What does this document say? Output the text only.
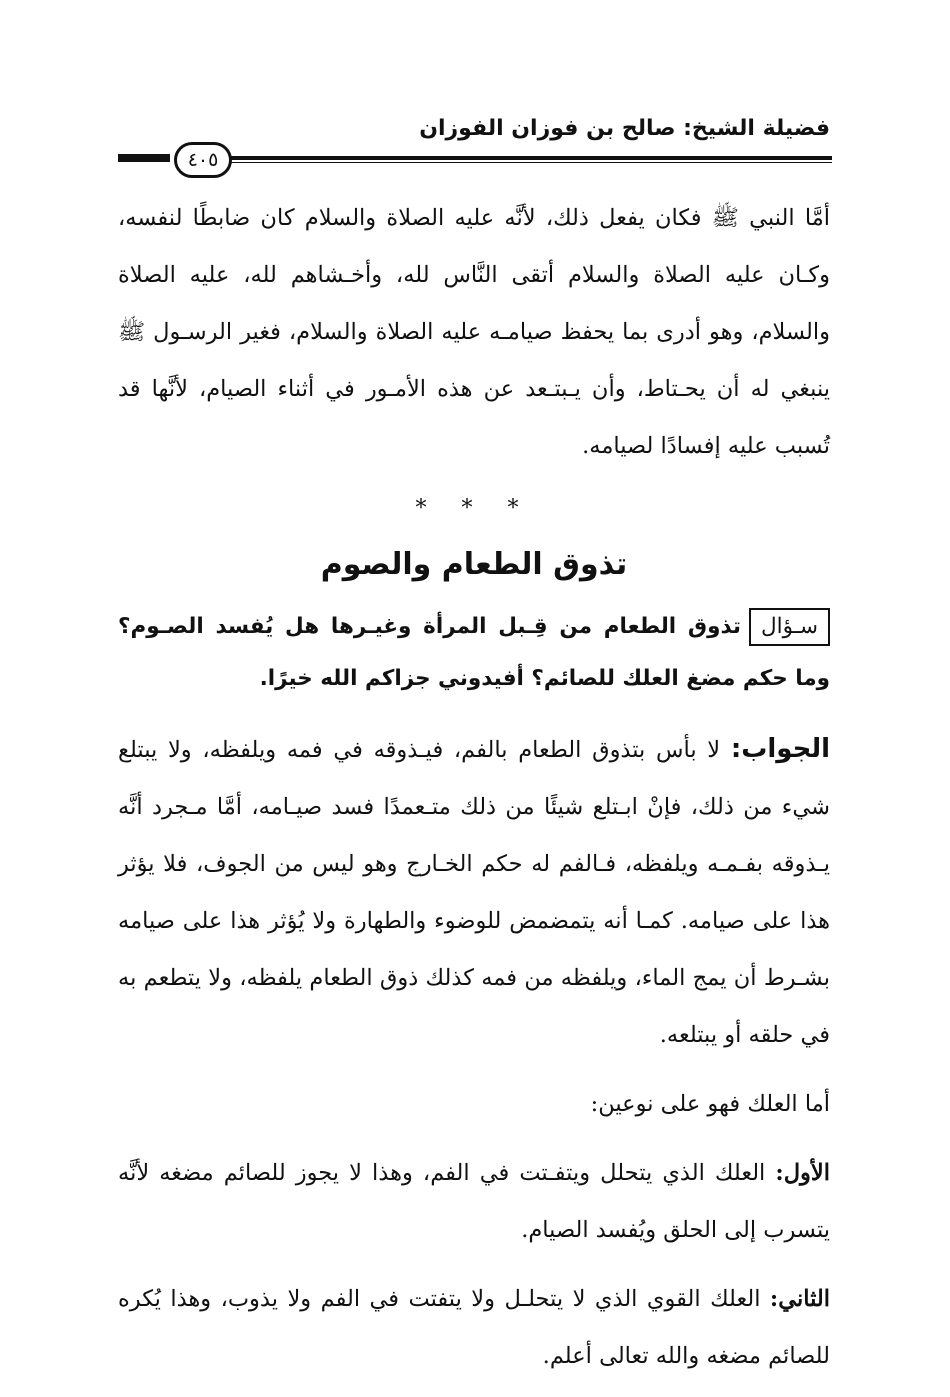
فضيلة الشيخ: صالح بن فوزان الفوزان
٤٠٥

أمَّا النبي ﷺ فكان يفعل ذلك، لأنَّه عليه الصلاة والسلام كان ضابطًا لنفسه، وكـان عليه الصلاة والسلام أتقى النَّاس لله، وأخـشاهم لله، عليه الصلاة والسلام، وهو أدرى بما يحفظ صيامـه عليه الصلاة والسلام، فغير الرسـول ﷺ ينبغي له أن يحـتاط، وأن يـبتـعد عن هذه الأمـور في أثناء الصيام، لأنَّها قد تُسبب عليه إفسادًا لصيامه.

* * *
تذوق الطعام والصوم
سـؤالتذوق الطعام من قِـبل المرأة وغيـرها هل يُفسد الصـوم؟ وما حكم مضغ العلك للصائم؟ أفيدوني جزاكم الله خيرًا.

الجواب: لا بأس بتذوق الطعام بالفم، فيـذوقه في فمه ويلفظه، ولا يبتلع شيء من ذلك، فإنْ ابـتلع شيئًا من ذلك متـعمدًا فسد صيـامه، أمَّا مـجرد أنَّه يـذوقه بفـمـه ويلفظه، فـالفم له حكم الخـارج وهو ليس من الجوف، فلا يؤثر هذا على صيامه. كمـا أنه يتمضمض للوضوء والطهارة ولا يُؤثر هذا على صيامه بشـرط أن يمج الماء، ويلفظه من فمه كذلك ذوق الطعام يلفظه، ولا يتطعم به في حلقه أو يبتلعه.

أما العلك فهو على نوعين:

الأول: العلك الذي يتحلل ويتفـتت في الفم، وهذا لا يجوز للصائم مضغه لأنَّه يتسرب إلى الحلق ويُفسد الصيام.

الثاني: العلك القوي الذي لا يتحلـل ولا يتفتت في الفم ولا يذوب، وهذا يُكره للصائم مضغه والله تعالى أعلم.
